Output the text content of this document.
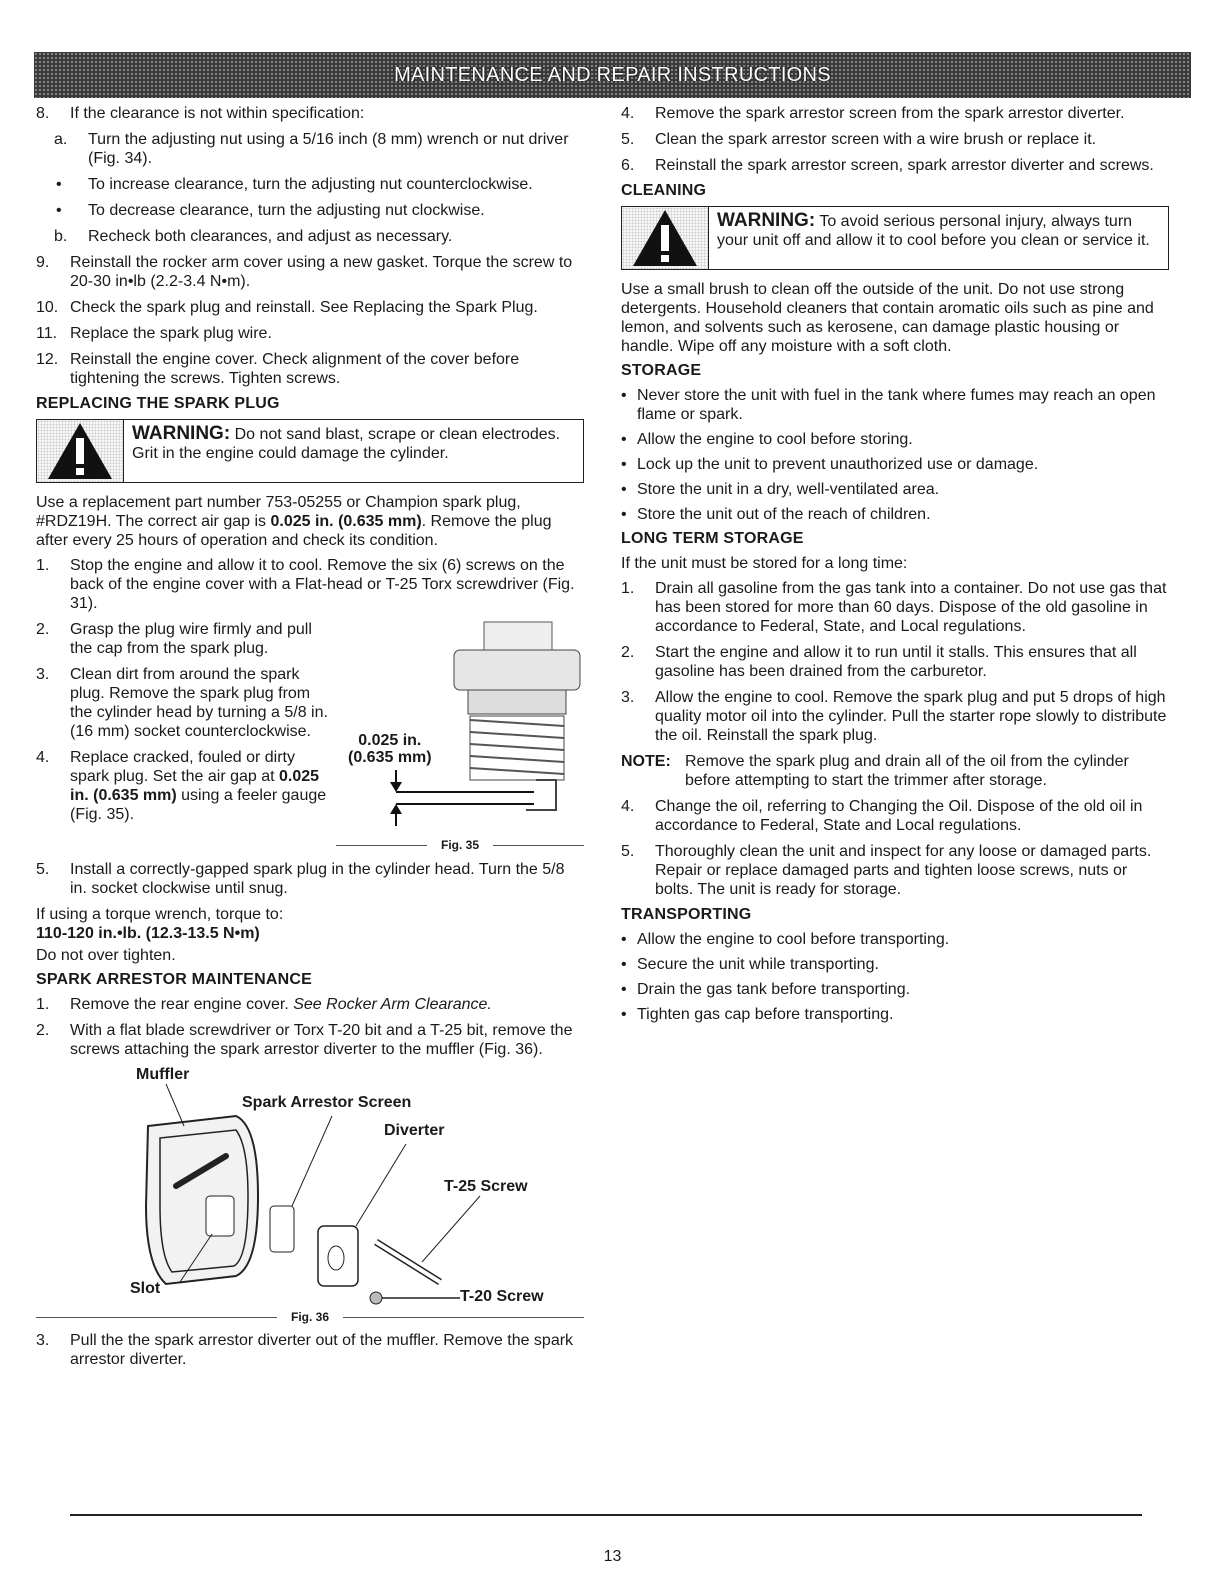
MAINTENANCE AND REPAIR INSTRUCTIONS
8. If the clearance is not within specification:
a. Turn the adjusting nut using a 5/16 inch (8 mm) wrench or nut driver (Fig. 34).
• To increase clearance, turn the adjusting nut counterclockwise.
• To decrease clearance, turn the adjusting nut clockwise.
b. Recheck both clearances, and adjust as necessary.
9. Reinstall the rocker arm cover using a new gasket. Torque the screw to 20-30 in•lb (2.2-3.4 N•m).
10. Check the spark plug and reinstall. See Replacing the Spark Plug.
11. Replace the spark plug wire.
12. Reinstall the engine cover. Check alignment of the cover before tightening the screws. Tighten screws.
REPLACING THE SPARK PLUG
WARNING: Do not sand blast, scrape or clean electrodes. Grit in the engine could damage the cylinder.

Use a replacement part number 753-05255 or Champion spark plug, #RDZ19H. The correct air gap is 0.025 in. (0.635 mm). Remove the plug after every 25 hours of operation and check its condition.

1. Stop the engine and allow it to cool. Remove the six (6) screws on the back of the engine cover with a Flat-head or T-25 Torx screwdriver (Fig. 31).
2. Grasp the plug wire firmly and pull the cap from the spark plug.
3. Clean dirt from around the spark plug. Remove the spark plug from the cylinder head by turning a 5/8 in. (16 mm) socket counterclockwise.
4. Replace cracked, fouled or dirty spark plug. Set the air gap at 0.025 in. (0.635 mm) using a feeler gauge (Fig. 35).
0.025 in.
(0.635 mm)
Fig. 35
5. Install a correctly-gapped spark plug in the cylinder head. Turn the 5/8 in. socket clockwise until snug.

If using a torque wrench, torque to:

110-120 in.•lb. (12.3-13.5 N•m)

Do not over tighten.

SPARK ARRESTOR MAINTENANCE
1. Remove the rear engine cover. See Rocker Arm Clearance.
2. With a flat blade screwdriver or Torx T-20 bit and a T-25 bit, remove the screws attaching the spark arrestor diverter to the muffler (Fig. 36).
Muffler
Spark Arrestor Screen
Diverter
T-25 Screw
Slot	T-20 Screw
Fig. 36
3. Pull the the spark arrestor diverter out of the muffler. Remove the spark arrestor diverter.
4. Remove the spark arrestor screen from the spark arrestor diverter.
5. Clean the spark arrestor screen with a wire brush or replace it.
6. Reinstall the spark arrestor screen, spark arrestor diverter and screws.
CLEANING
WARNING: To avoid serious personal injury, always turn your unit off and allow it to cool before you clean or service it.

Use a small brush to clean off the outside of the unit. Do not use strong detergents. Household cleaners that contain aromatic oils such as pine and lemon, and solvents such as kerosene, can damage plastic housing or handle. Wipe off any moisture with a soft cloth.

STORAGE
• Never store the unit with fuel in the tank where fumes may reach an open flame or spark.
• Allow the engine to cool before storing.
• Lock up the unit to prevent unauthorized use or damage.
• Store the unit in a dry, well-ventilated area.
• Store the unit out of the reach of children.
LONG TERM STORAGE

If the unit must be stored for a long time:

1. Drain all gasoline from the gas tank into a container. Do not use gas that has been stored for more than 60 days. Dispose of the old gasoline in accordance to Federal, State, and Local regulations.
2. Start the engine and allow it to run until it stalls. This ensures that all gasoline has been drained from the carburetor.
3. Allow the engine to cool. Remove the spark plug and put 5 drops of high quality motor oil into the cylinder. Pull the starter rope slowly to distribute the oil. Reinstall the spark plug.
NOTE: Remove the spark plug and drain all of the oil from the cylinder before attempting to start the trimmer after storage.
4. Change the oil, referring to Changing the Oil. Dispose of the old oil in accordance to Federal, State and Local regulations.
5. Thoroughly clean the unit and inspect for any loose or damaged parts. Repair or replace damaged parts and tighten loose screws, nuts or bolts. The unit is ready for storage.
TRANSPORTING
• Allow the engine to cool before transporting.
• Secure the unit while transporting.
• Drain the gas tank before transporting.
• Tighten gas cap before transporting.
13
